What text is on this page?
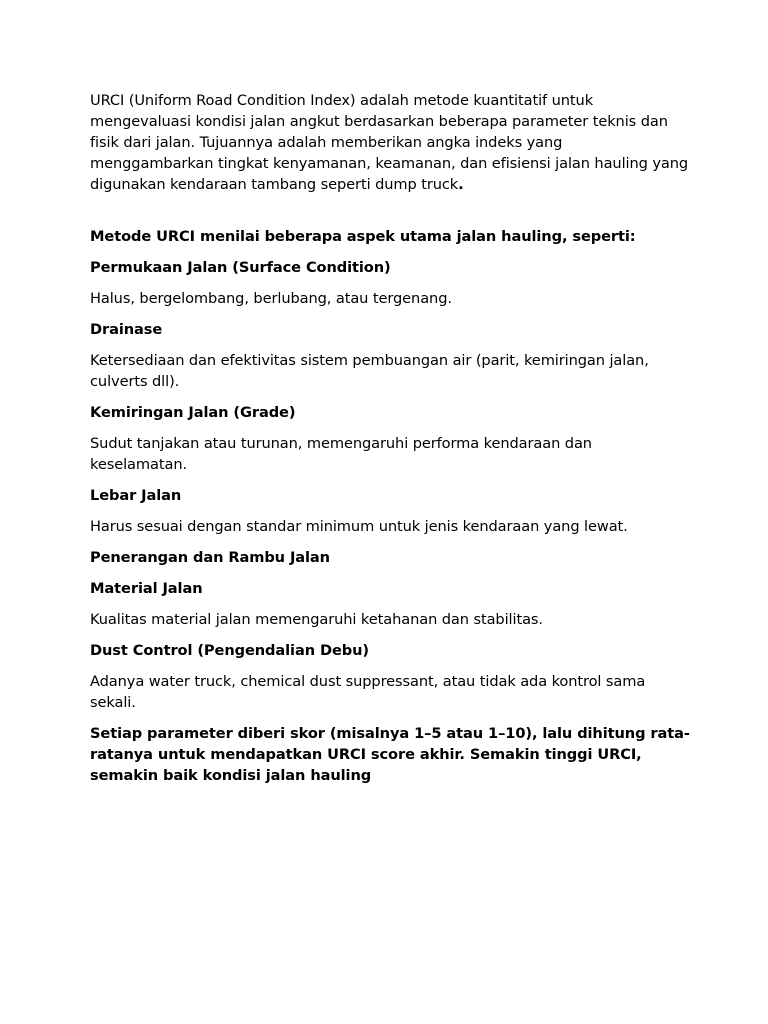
URCI (Uniform Road Condition Index) adalah metode kuantitatif untuk mengevaluasi kondisi jalan angkut berdasarkan beberapa parameter teknis dan fisik dari jalan. Tujuannya adalah memberikan angka indeks yang menggambarkan tingkat kenyamanan, keamanan, dan efisiensi jalan hauling yang digunakan kendaraan tambang seperti dump truck.

Metode URCI menilai beberapa aspek utama jalan hauling, seperti:

Permukaan Jalan (Surface Condition)

Halus, bergelombang, berlubang, atau tergenang.

Drainase

Ketersediaan dan efektivitas sistem pembuangan air (parit, kemiringan jalan, culverts dll).

Kemiringan Jalan (Grade)

Sudut tanjakan atau turunan, memengaruhi performa kendaraan dan keselamatan.

Lebar Jalan

Harus sesuai dengan standar minimum untuk jenis kendaraan yang lewat.

Penerangan dan Rambu Jalan

Material Jalan

Kualitas material jalan memengaruhi ketahanan dan stabilitas.

Dust Control (Pengendalian Debu)

Adanya water truck, chemical dust suppressant, atau tidak ada kontrol sama sekali.

Setiap parameter diberi skor (misalnya 1–5 atau 1–10), lalu dihitung rata-ratanya untuk mendapatkan URCI score akhir. Semakin tinggi URCI, semakin baik kondisi jalan hauling
